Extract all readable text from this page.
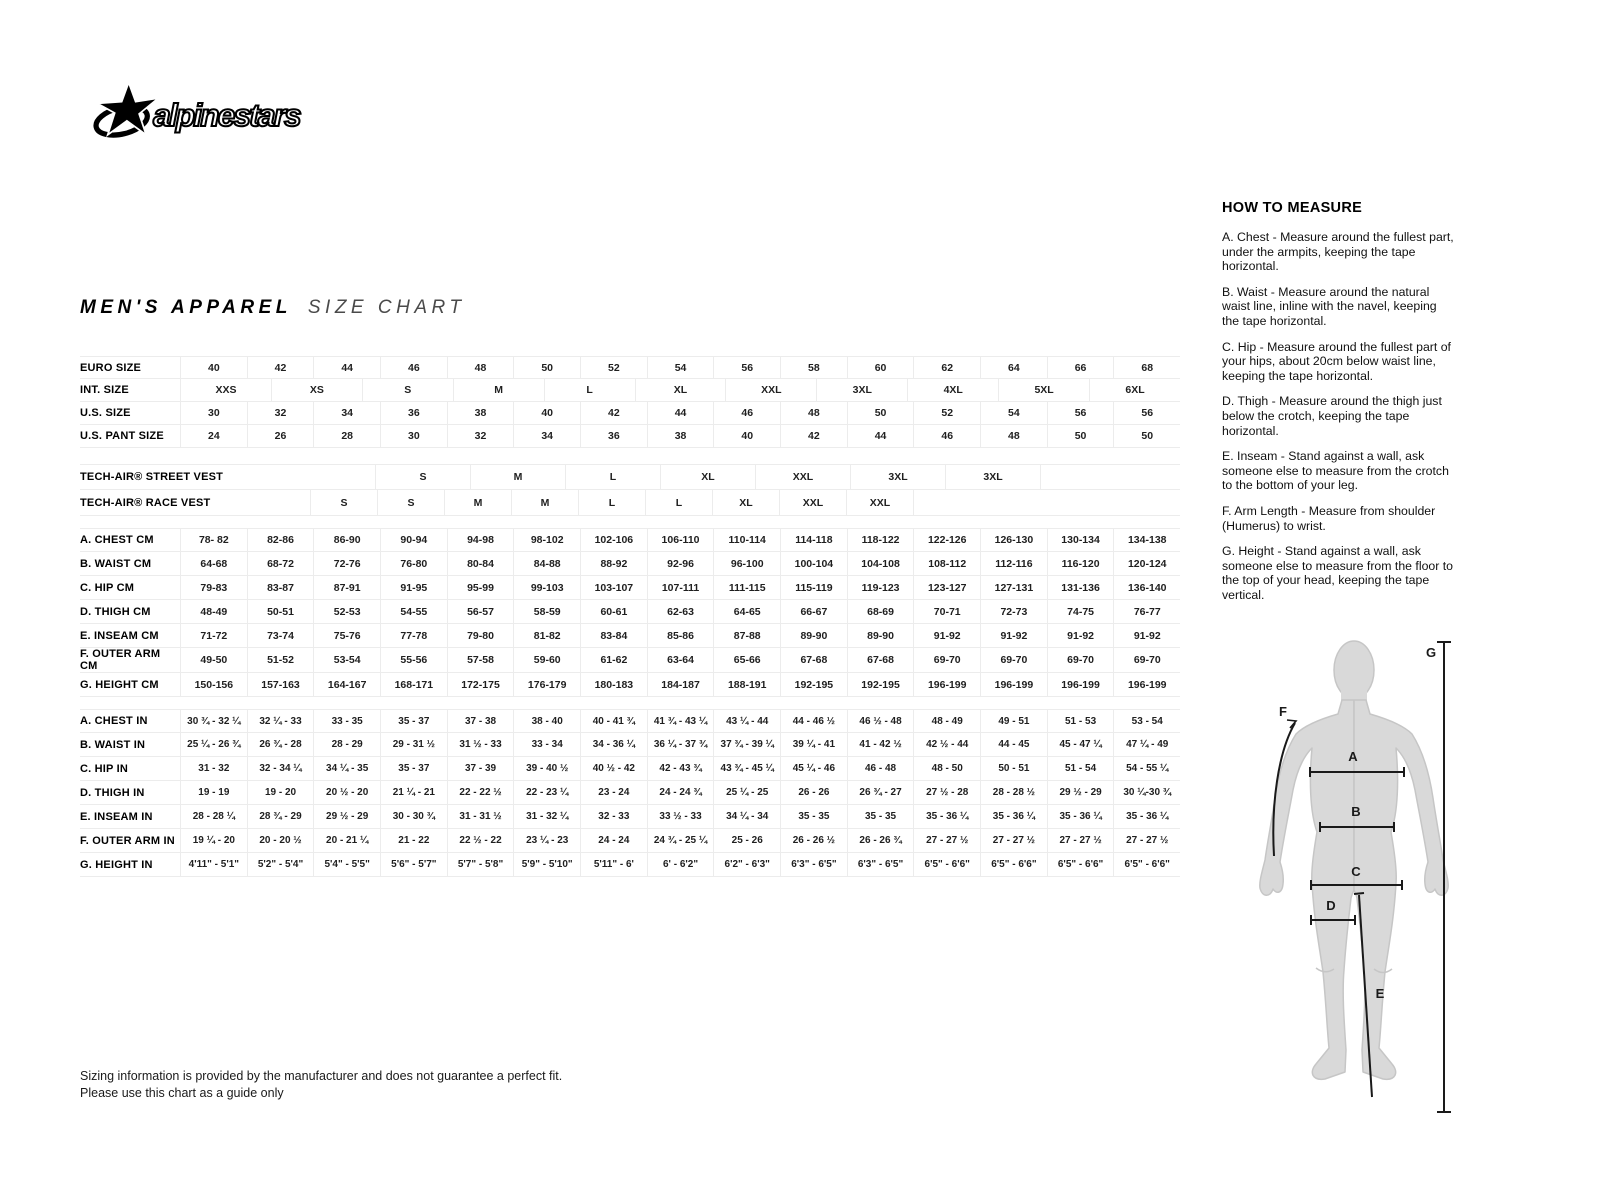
alpinestars
MEN'S APPAREL SIZE CHART
EURO SIZE	40	42	44	46	48	50	52	54	56	58	60	62	64	66	68
INT. SIZE	XXS	XS	S	M	L	XL	XXL	3XL	4XL	5XL	6XL
U.S. SIZE	30	32	34	36	38	40	42	44	46	48	50	52	54	56	56
U.S. PANT SIZE	24	26	28	30	32	34	36	38	40	42	44	46	48	50	50
TECH-AIR® STREET VEST	S	M	L	XL	XXL	3XL	3XL
TECH-AIR® RACE VEST	S	S	M	M	L	L	XL	XXL	XXL
A. CHEST CM	78- 82	82-86	86-90	90-94	94-98	98-102	102-106	106-110	110-114	114-118	118-122	122-126	126-130	130-134	134-138
B. WAIST CM	64-68	68-72	72-76	76-80	80-84	84-88	88-92	92-96	96-100	100-104	104-108	108-112	112-116	116-120	120-124
C. HIP CM	79-83	83-87	87-91	91-95	95-99	99-103	103-107	107-111	111-115	115-119	119-123	123-127	127-131	131-136	136-140
D. THIGH CM	48-49	50-51	52-53	54-55	56-57	58-59	60-61	62-63	64-65	66-67	68-69	70-71	72-73	74-75	76-77
E. INSEAM CM	71-72	73-74	75-76	77-78	79-80	81-82	83-84	85-86	87-88	89-90	89-90	91-92	91-92	91-92	91-92
F. OUTER ARM CM	49-50	51-52	53-54	55-56	57-58	59-60	61-62	63-64	65-66	67-68	67-68	69-70	69-70	69-70	69-70
G. HEIGHT CM	150-156	157-163	164-167	168-171	172-175	176-179	180-183	184-187	188-191	192-195	192-195	196-199	196-199	196-199	196-199
A. CHEST IN	30 ¾ - 32 ¼	32 ¼ - 33	33 - 35	35 - 37	37 - 38	38 - 40	40 - 41 ¾	41 ¾ - 43 ¼	43 ¼ - 44	44 - 46 ½	46 ½ - 48	48 - 49	49 - 51	51 - 53	53 - 54
B. WAIST IN	25 ¼ - 26 ¾	26 ¾ - 28	28 - 29	29 - 31 ½	31 ½ - 33	33 - 34	34 - 36 ¼	36 ¼ - 37 ¾	37 ¾ - 39 ¼	39 ¼ - 41	41 - 42 ½	42 ½ - 44	44 - 45	45 - 47 ¼	47 ¼ - 49
C. HIP IN	31 - 32	32 - 34 ¼	34 ¼ - 35	35 - 37	37 - 39	39 - 40 ½	40 ½ - 42	42 - 43 ¾	43 ¾ - 45 ¼	45 ¼ - 46	46 - 48	48 - 50	50 - 51	51 - 54	54 - 55 ¼
D. THIGH IN	19 - 19	19 - 20	20 ½ - 20	21 ¼ - 21	22 - 22 ½	22 - 23 ¼	23 - 24	24 - 24 ¾	25 ¼ - 25	26 - 26	26 ¾ - 27	27 ½ - 28	28 - 28 ½	29 ½ - 29	30 ¼-30 ¾
E. INSEAM IN	28 - 28 ¼	28 ¾ - 29	29 ½ - 29	30 - 30 ¾	31 - 31 ½	31 - 32 ¼	32 - 33	33 ½ - 33	34 ¼ - 34	35 - 35	35 - 35	35 - 36 ¼	35 - 36 ¼	35 - 36 ¼	35 - 36 ¼
F. OUTER ARM IN	19 ¼ - 20	20 - 20 ½	20 - 21 ¼	21 - 22	22 ½ - 22	23 ¼ - 23	24 - 24	24 ¾ - 25 ¼	25 - 26	26 - 26 ½	26 - 26 ¾	27 - 27 ½	27 - 27 ½	27 - 27 ½	27 - 27 ½
G. HEIGHT IN	4'11" - 5'1"	5'2" - 5'4"	5'4" - 5'5"	5'6" - 5'7"	5'7" - 5'8"	5'9" - 5'10"	5'11" - 6'	6' - 6'2"	6'2" - 6'3"	6'3" - 6'5"	6'3" - 6'5"	6'5" - 6'6"	6'5" - 6'6"	6'5" - 6'6"	6'5" - 6'6"
HOW TO MEASURE

A. Chest - Measure around the fullest part, under the armpits, keeping the tape horizontal.

B. Waist - Measure around the natural waist line, inline with the navel, keeping the tape horizontal.

C. Hip - Measure around the fullest part of your hips, about 20cm below waist line, keeping the tape horizontal.

D. Thigh - Measure around the thigh just below the crotch, keeping the tape horizontal.

E. Inseam - Stand against a wall, ask someone else to measure from the crotch to the bottom of your leg.

F. Arm Length - Measure from shoulder (Humerus) to wrist.

G. Height - Stand against a wall, ask someone else to measure from the floor to the top of your head, keeping the tape vertical.

A
B
C
D
E
F
G
Sizing information is provided by the manufacturer and does not guarantee a perfect fit.
Please use this chart as a guide only
